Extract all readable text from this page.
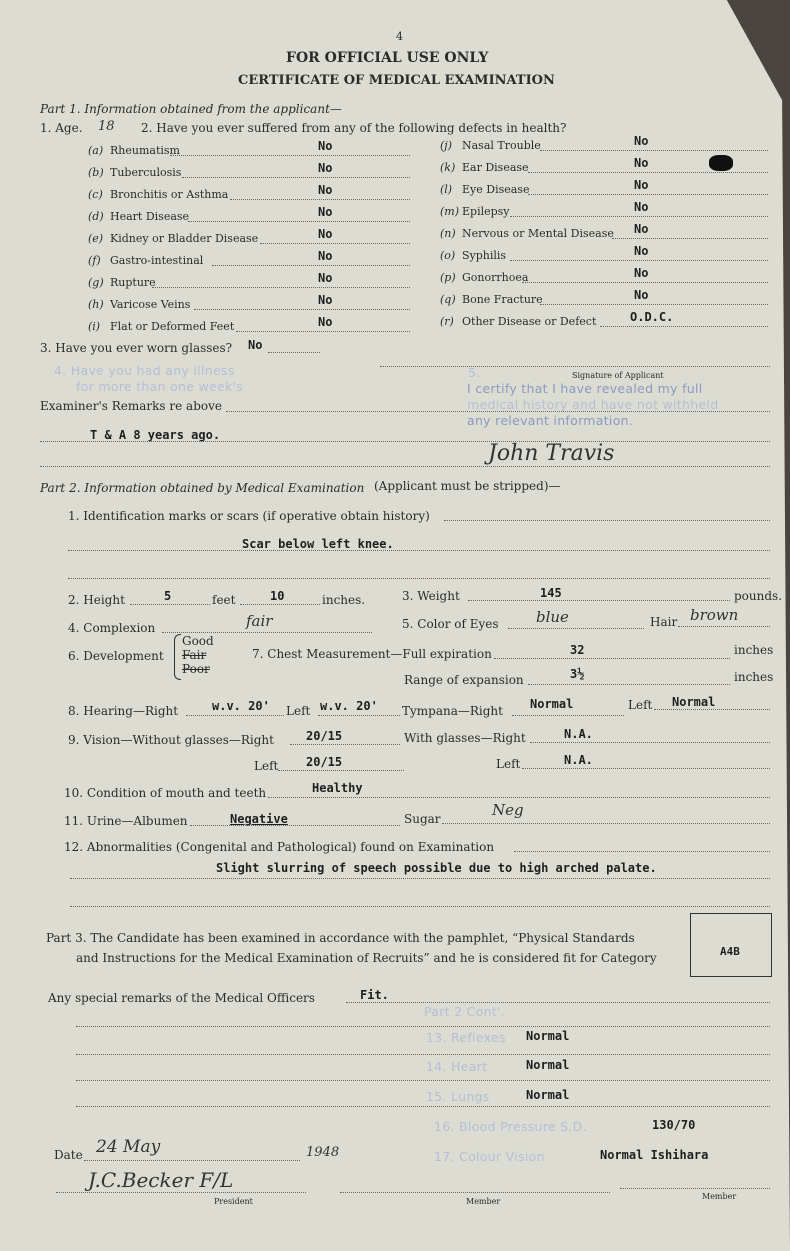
4
FOR OFFICIAL USE ONLY
CERTIFICATE OF MEDICAL EXAMINATION
Part 1. Information obtained from the applicant—
1. Age. 18 2. Have you ever suffered from any of the following defects in health?
(a) Rheumatism	No
(b) Tuberculosis	No
(c) Bronchitis or Asthma	No
(d) Heart Disease	No
(e) Kidney or Bladder Disease	No
(f) Gastro-intestinal	No
(g) Rupture	No
(h) Varicose Veins	No
(i) Flat or Deformed Feet	No
(j) Nasal Trouble	No
(k) Ear Disease	No
(l) Eye Disease	No
(m) Epilepsy	No
(n) Nervous or Mental Disease No
(o) Syphilis	No
(p) Gonorrhoea	No
(q) Bone Fracture	No
(r) Other Disease or Defect	O.D.C.
3. Have you ever worn glasses? No
4. Have you had any illness
for more than one week's
5.	Signature of Applicant
I certify that I have revealed my full
medical history and have not withheld
any relevant information.
Examiner's Remarks re above
T & A 8 years ago.
John Travis
Part 2. Information obtained by Medical Examination (Applicant must be stripped)—
1. Identification marks or scars (if operative obtain history)
Scar below left knee.
2. Height	5	feet	10	inches.	3. Weight	145	pounds.
4. Complexion	fair	5. Color of Eyes blue	Hair brown
6. Development
Good
Fair
Poor
7. Chest Measurement—Full expiration	32	inches
Range of expansion	3½	inches
8. Hearing—Right	w.v. 20' Left w.v. 20' Tympana—Right Normal	Left Normal
9. Vision—Without glasses—Right	20/15	With glasses—Right	N.A.
Left 20/15	Left	N.A.
10. Condition of mouth and teeth	Healthy
11. Urine—Albumen	Negative	Sugar	Neg
12. Abnormalities (Congenital and Pathological) found on Examination
Slight slurring of speech possible due to high arched palate.
Part 3. The Candidate has been examined in accordance with the pamphlet, “Physical Standards
and Instructions for the Medical Examination of Recruits” and he is considered fit for Category	A4B
Any special remarks of the Medical Officers	Fit.
Part 2 Cont'.
13. Reflexes Normal
14. Heart	Normal
15. Lungs	Normal
16. Blood Pressure S.D.	130/70
17. Colour Vision	Normal Ishihara
Date 24 May	1948
J.C.Becker F/L
President	Member
Member
